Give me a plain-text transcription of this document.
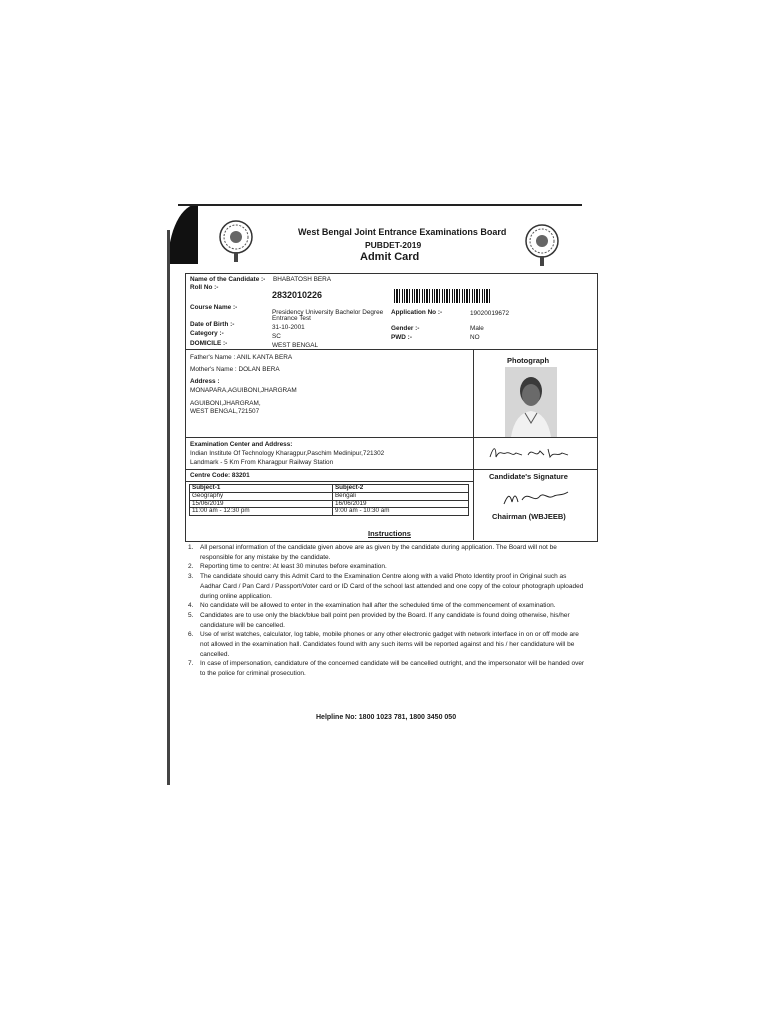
West Bengal Joint Entrance Examinations Board
PUBDET-2019
Admit Card
Name of the Candidate :- BHABATOSH BERA
Roll No :-
2832010226
Course Name :-
Presidency University Bachelor Degree
Entrance Test
Application No :-	19020019672
Date of Birth :-	31-10-2001	Gender :-	Male
Category :-	SC	PWD :-	NO
DOMICILE :-	WEST BENGAL
Father's Name : ANIL KANTA BERA
Mother's Name : DOLAN BERA
Address :
MONAPARA,AGUIBONI,JHARGRAM
AGUIBONI,JHARGRAM,
WEST BENGAL,721507
Photograph
Examination Center and Address:
Indian Institute Of Technology Kharagpur,Paschim Medinipur,721302
Landmark - 5 Km From Kharagpur Railway Station
Centre Code: 83201	Candidate's Signature
Chairman (WBJEEB)
Subject-1	Subject-2
Geography	Bengali
15/06/2019	16/06/2019
11:00 am - 12:30 pm	9:00 am - 10:30 am
Instructions
1. All personal information of the candidate given above are as given by the candidate during application. The Board will not be responsible for any mistake by the candidate.
2. Reporting time to centre: At least 30 minutes before examination.
3. The candidate should carry this Admit Card to the Examination Centre along with a valid Photo Identity proof in Original such as Aadhar Card / Pan Card / Passport/Voter card or ID Card of the school last attended and one copy of the colour photograph uploaded during online application.
4. No candidate will be allowed to enter in the examination hall after the scheduled time of the commencement of examination.
5. Candidates are to use only the black/blue ball point pen provided by the Board. If any candidate is found doing otherwise, his/her candidature will be cancelled.
6. Use of wrist watches, calculator, log table, mobile phones or any other electronic gadget with network interface in on or off mode are not allowed in the examination hall. Candidates found with any such items will be reported against and his / her candidature will be cancelled.
7. In case of impersonation, candidature of the concerned candidate will be cancelled outright, and the impersonator will be handed over to the police for criminal prosecution.
Helpline No: 1800 1023 781, 1800 3450 050
